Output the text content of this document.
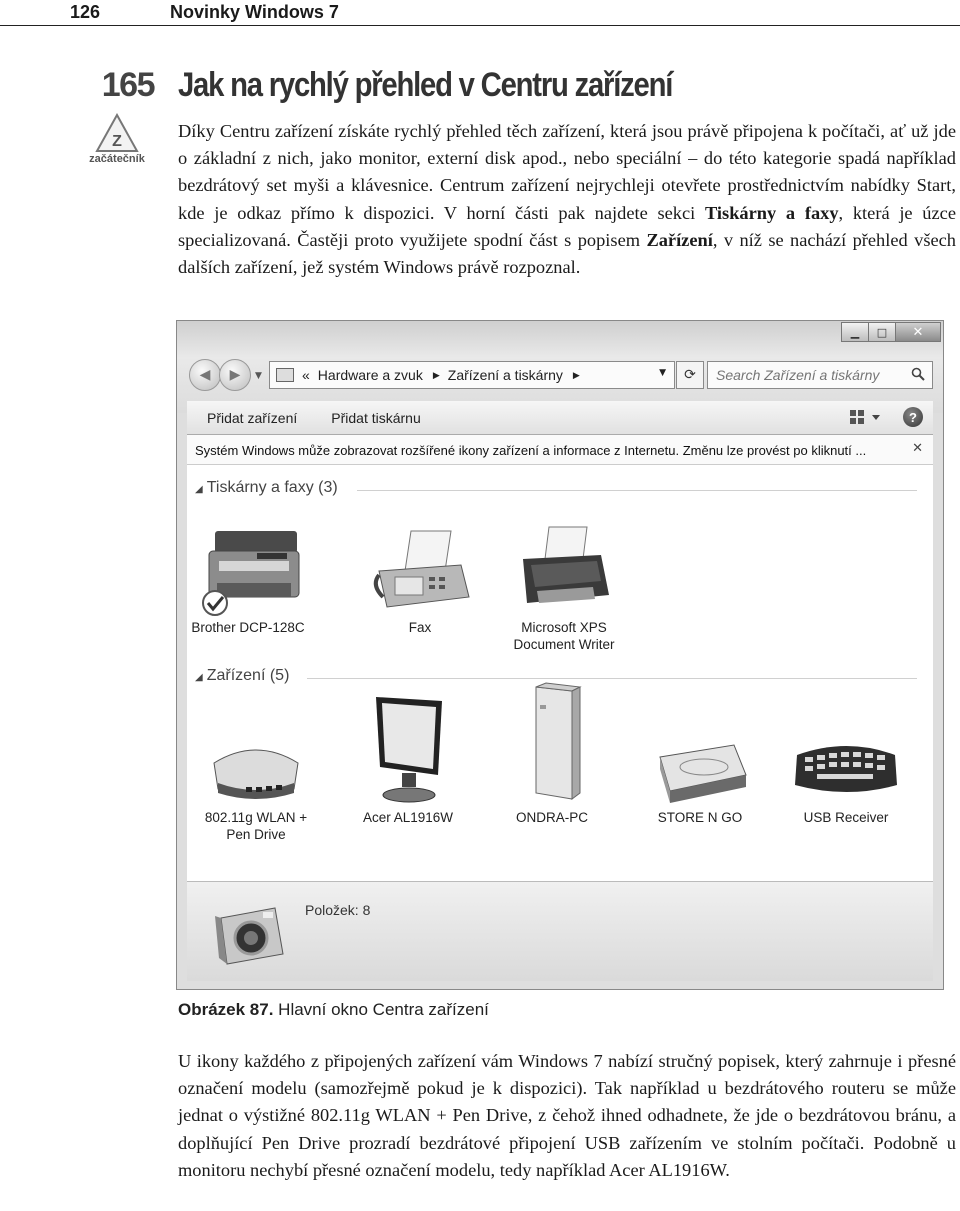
126	Novinky Windows 7
165
Z
začátečník
Jak na rychlý přehled v Centru zařízení
Díky Centru zařízení získáte rychlý přehled těch zařízení, která jsou právě připojena k počítači, ať už jde o základní z nich, jako monitor, externí disk apod., nebo speciální – do této kategorie spadá například bezdrátový set myši a klávesnice. Centrum zařízení nejrychleji otevřete prostřednictvím nabídky Start, kde je odkaz přímo k dispozici. V horní části pak najdete sekci Tiskárny a faxy, která je úzce specializovaná. Častěji proto využijete spodní část s popisem Zařízení, v níž se nachází přehled všech dalších zařízení, jež systém Windows právě rozpoznal.
▁ □ ✕
◀ ▶ ▼	« Hardware a zvuk ▶ Zařízení a tiskárny ▶	▼ ⟳
Search Zařízení a tiskárny
Přidat zařízení Přidat tiskárnu	?
Systém Windows může zobrazovat rozšířené ikony zařízení a informace z Internetu. Změnu lze provést po kliknutí ...	✕
◢ Tiskárny a faxy (3)
Brother DCP-128C	Fax	Microsoft XPS
Document Writer
◢ Zařízení (5)
802.11g WLAN +
Pen Drive
Acer AL1916W	ONDRA-PC	STORE N GO	USB Receiver
Položek: 8
Obrázek 87. Hlavní okno Centra zařízení
U ikony každého z připojených zařízení vám Windows 7 nabízí stručný popisek, který zahrnuje i přesné označení modelu (samozřejmě pokud je k dispozici). Tak například u bezdrátového routeru se může jednat o výstižné 802.11g WLAN + Pen Drive, z čehož ihned odhadnete, že jde o bezdrátovou bránu, a doplňující Pen Drive prozradí bezdrátové připojení USB zařízením ve stolním počítači. Podobně u monitoru nechybí přesné označení modelu, tedy například Acer AL1916W.
